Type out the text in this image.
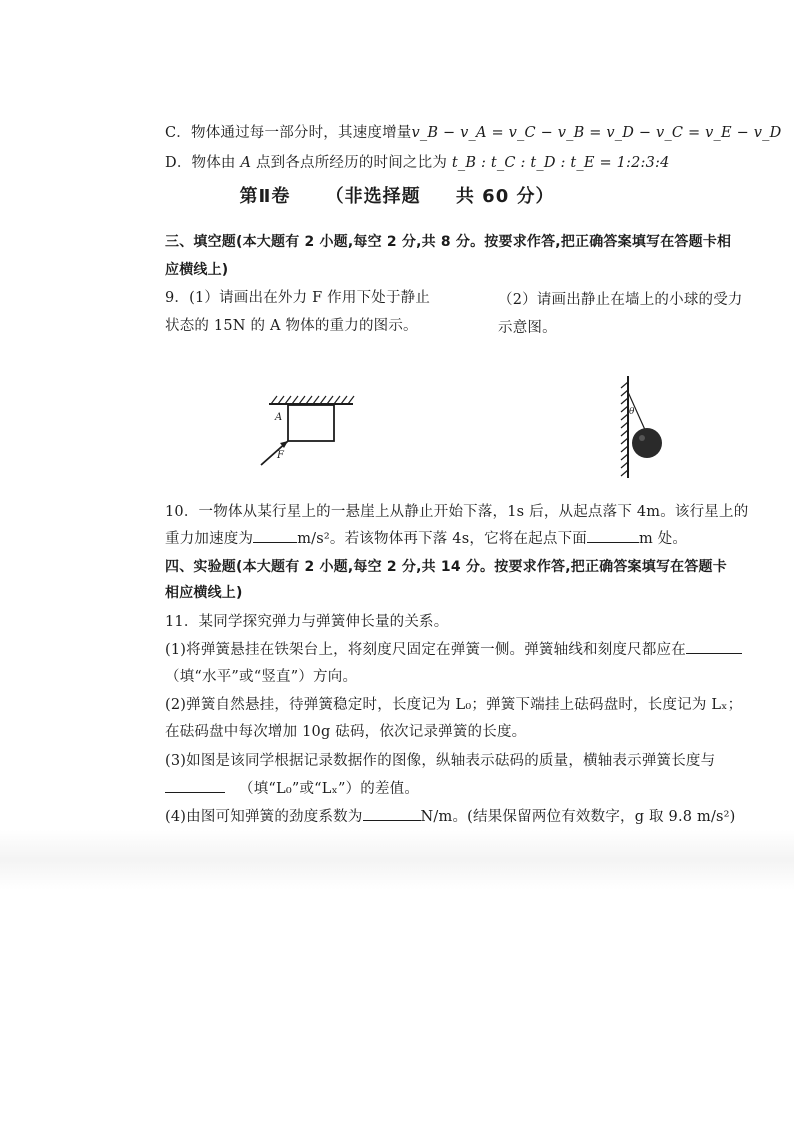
C．物体通过每一部分时，其速度增量v_B − v_A = v_C − v_B = v_D − v_C = v_E − v_D
D．物体由 A 点到各点所经历的时间之比为 t_B : t_C : t_D : t_E = 1:2:3:4
第Ⅱ卷 （非选择题 共 60 分）
三、填空题(本大题有 2 小题,每空 2 分,共 8 分。按要求作答,把正确答案填写在答题卡相
应横线上)
9．(1）请画出在外力 F 作用下处于静止
状态的 15N 的 A 物体的重力的图示。
（2）请画出静止在墙上的小球的受力
示意图。
A
F
θ
10．一物体从某行星上的一悬崖上从静止开始下落，1s 后，从起点落下 4m。该行星上的
重力加速度为	m/s²。若该物体再下落 4s，它将在起点下面	m 处。
四、实验题(本大题有 2 小题,每空 2 分,共 14 分。按要求作答,把正确答案填写在答题卡
相应横线上)
11．某同学探究弹力与弹簧伸长量的关系。
(1)将弹簧悬挂在铁架台上，将刻度尺固定在弹簧一侧。弹簧轴线和刻度尺都应在
（填“水平”或“竖直”）方向。
(2)弹簧自然悬挂，待弹簧稳定时，长度记为 L₀；弹簧下端挂上砝码盘时，长度记为 Lₓ；
在砝码盘中每次增加 10g 砝码，依次记录弹簧的长度。
(3)如图是该同学根据记录数据作的图像，纵轴表示砝码的质量，横轴表示弹簧长度与
（填“L₀”或“Lₓ”）的差值。
(4)由图可知弹簧的劲度系数为	N/m。(结果保留两位有效数字，g 取 9.8 m/s²)
